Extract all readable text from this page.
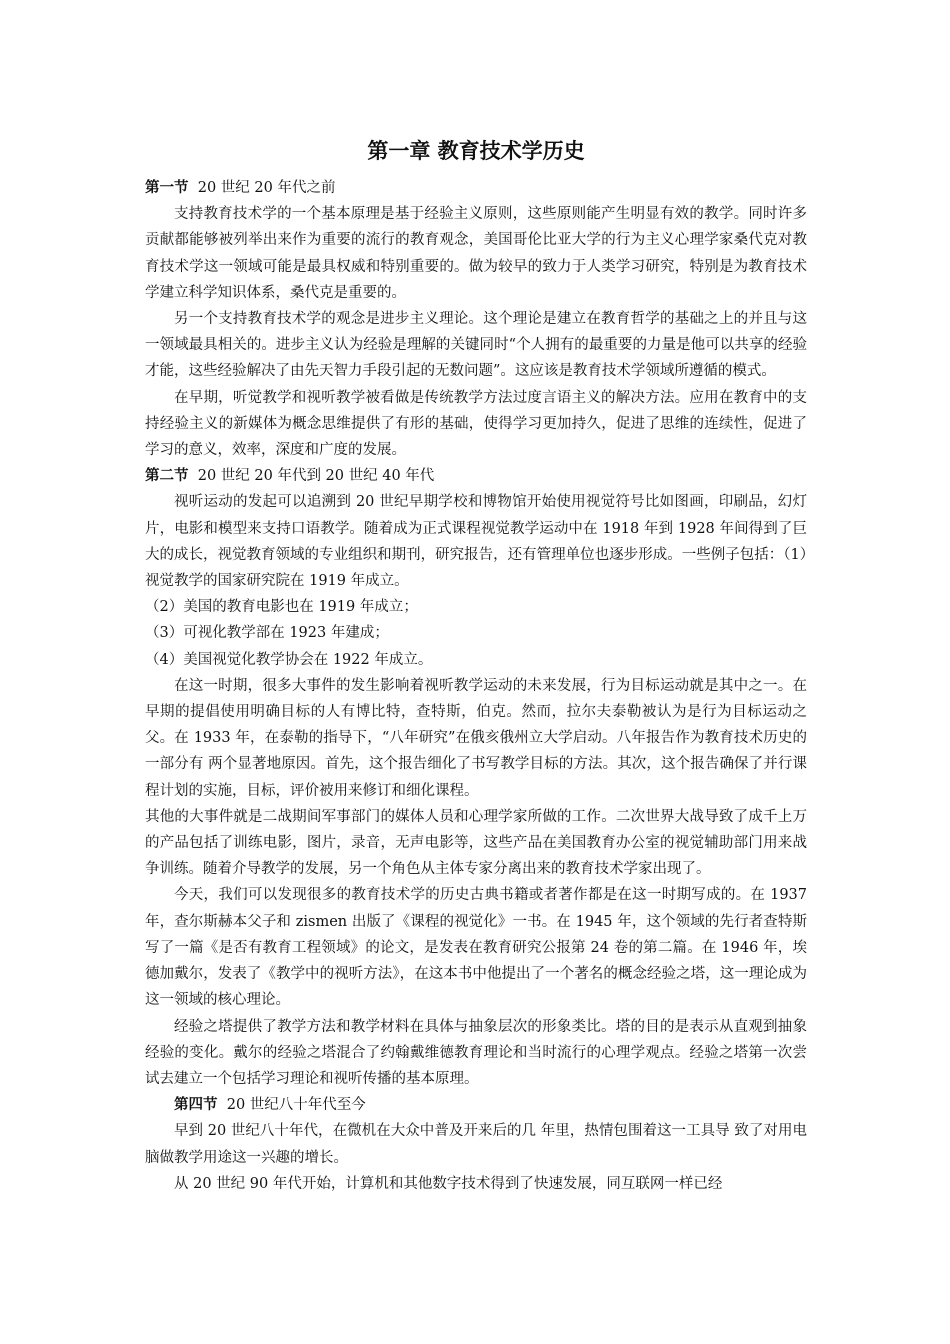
第一章 教育技术学历史
第一节 20 世纪 20 年代之前

支持教育技术学的一个基本原理是基于经验主义原则，这些原则能产生明显有效的教学。同时许多贡献都能够被列举出来作为重要的流行的教育观念，美国哥伦比亚大学的行为主义心理学家桑代克对教育技术学这一领域可能是最具权威和特别重要的。做为较早的致力于人类学习研究，特别是为教育技术学建立科学知识体系，桑代克是重要的。

另一个支持教育技术学的观念是进步主义理论。这个理论是建立在教育哲学的基础之上的并且与这一领域最具相关的。进步主义认为经验是理解的关键同时“个人拥有的最重要的力量是他可以共享的经验才能，这些经验解决了由先天智力手段引起的无数问题”。这应该是教育技术学领域所遵循的模式。

在早期，听觉教学和视听教学被看做是传统教学方法过度言语主义的解决方法。应用在教育中的支持经验主义的新媒体为概念思维提供了有形的基础，使得学习更加持久，促进了思维的连续性，促进了学习的意义，效率，深度和广度的发展。

第二节 20 世纪 20 年代到 20 世纪 40 年代

视听运动的发起可以追溯到 20 世纪早期学校和博物馆开始使用视觉符号比如图画，印刷品，幻灯片，电影和模型来支持口语教学。随着成为正式课程视觉教学运动中在 1918 年到 1928 年间得到了巨大的成长，视觉教育领域的专业组织和期刊，研究报告，还有管理单位也逐步形成。一些例子包括：（1）视觉教学的国家研究院在 1919 年成立。

（2）美国的教育电影也在 1919 年成立；

（3）可视化教学部在 1923 年建成；

（4）美国视觉化教学协会在 1922 年成立。

在这一时期，很多大事件的发生影响着视听教学运动的未来发展，行为目标运动就是其中之一。在早期的提倡使用明确目标的人有博比特，查特斯，伯克。然而，拉尔夫泰勒被认为是行为目标运动之父。在 1933 年，在泰勒的指导下，“八年研究”在俄亥俄州立大学启动。八年报告作为教育技术历史的一部分有 两个显著地原因。首先，这个报告细化了书写教学目标的方法。其次，这个报告确保了并行课程计划的实施，目标，评价被用来修订和细化课程。

其他的大事件就是二战期间军事部门的媒体人员和心理学家所做的工作。二次世界大战导致了成千上万的产品包括了训练电影，图片，录音，无声电影等，这些产品在美国教育办公室的视觉辅助部门用来战争训练。随着介导教学的发展，另一个角色从主体专家分离出来的教育技术学家出现了。

今天，我们可以发现很多的教育技术学的历史古典书籍或者著作都是在这一时期写成的。在 1937 年，查尔斯赫本父子和 zismen 出版了《课程的视觉化》一书。在 1945 年，这个领域的先行者查特斯写了一篇《是否有教育工程领域》的论文，是发表在教育研究公报第 24 卷的第二篇。在 1946 年，埃德加戴尔，发表了《教学中的视听方法》，在这本书中他提出了一个著名的概念经验之塔，这一理论成为这一领域的核心理论。

经验之塔提供了教学方法和教学材料在具体与抽象层次的形象类比。塔的目的是表示从直观到抽象经验的变化。戴尔的经验之塔混合了约翰戴维德教育理论和当时流行的心理学观点。经验之塔第一次尝试去建立一个包括学习理论和视听传播的基本原理。

第四节 20 世纪八十年代至今

早到 20 世纪八十年代，在微机在大众中普及开来后的几 年里，热情包围着这一工具导 致了对用电脑做教学用途这一兴趣的增长。

从 20 世纪 90 年代开始，计算机和其他数字技术得到了快速发展，同互联网一样已经
